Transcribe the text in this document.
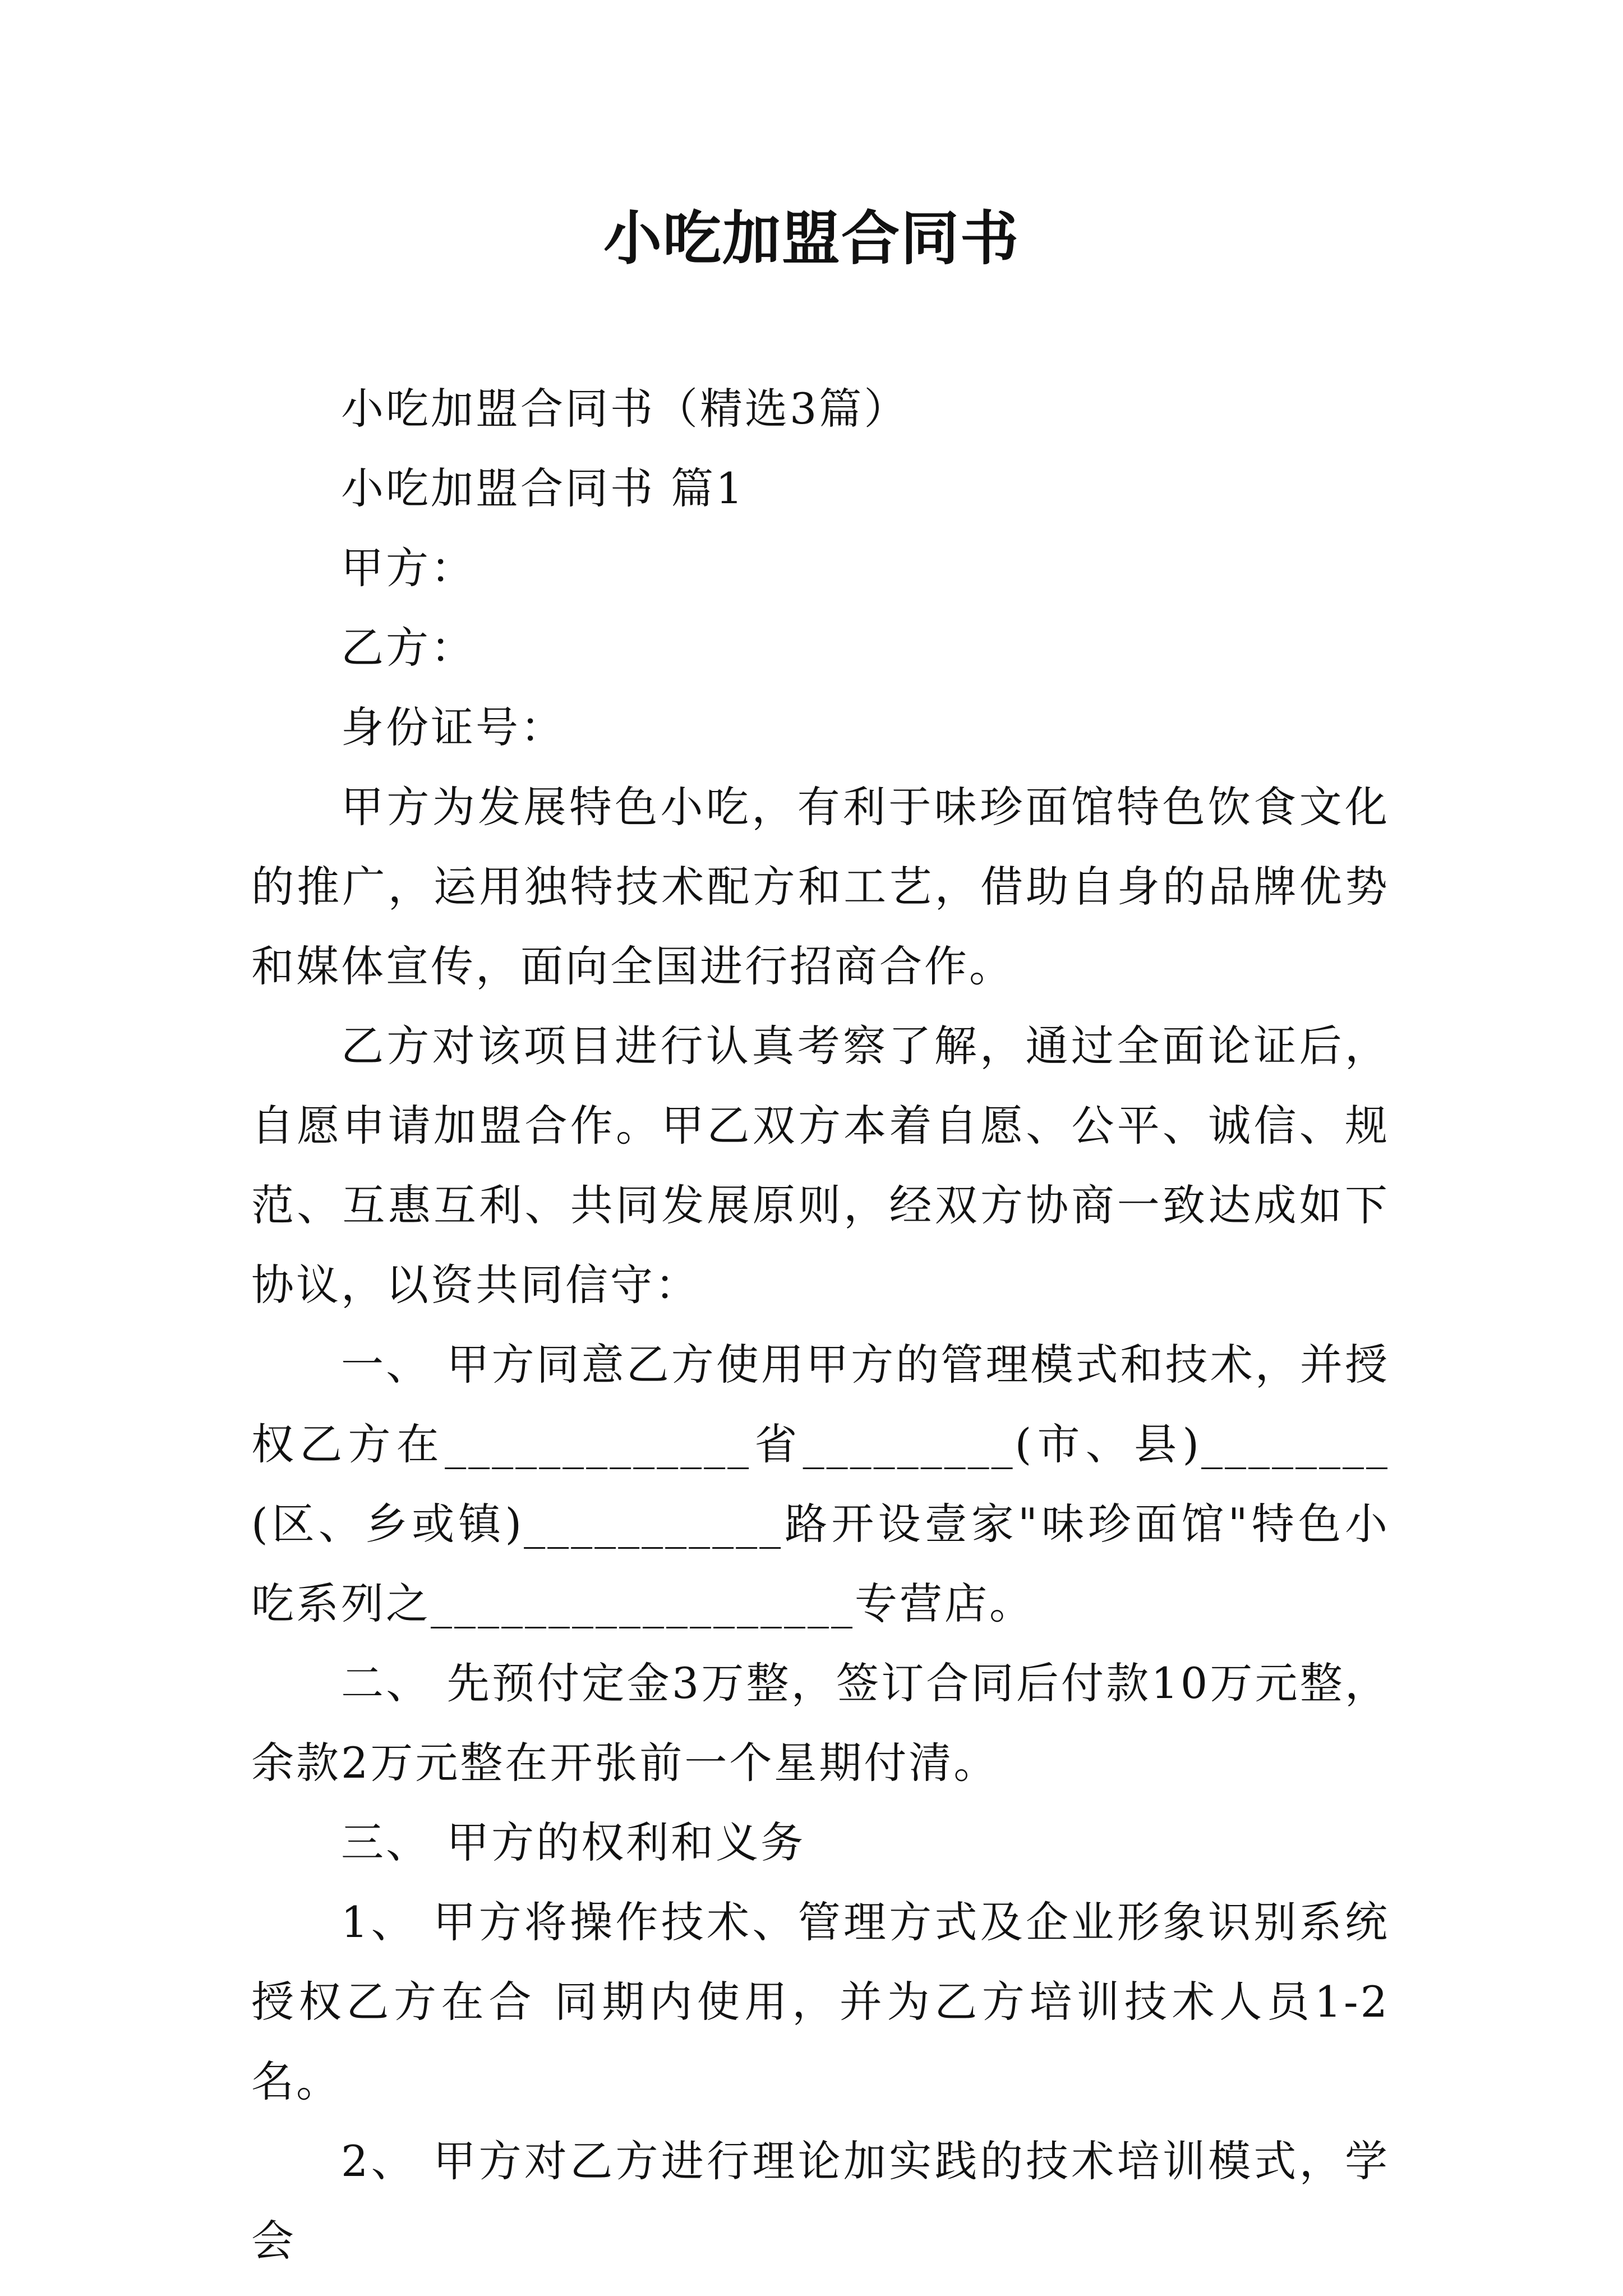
小吃加盟合同书

小吃加盟合同书（精选3篇）

小吃加盟合同书 篇1

甲方：

乙方：

身份证号：

甲方为发展特色小吃，有利于味珍面馆特色饮食文化的推广，运用独特技术配方和工艺，借助自身的品牌优势和媒体宣传，面向全国进行招商合作。

乙方对该项目进行认真考察了解，通过全面论证后，自愿申请加盟合作。甲乙双方本着自愿、公平、诚信、规范、互惠互利、共同发展原则，经双方协商一致达成如下协议，以资共同信守：

一、 甲方同意乙方使用甲方的管理模式和技术，并授权乙方在_____________省_________(市、县)________(区、乡或镇)___________路开设壹家"味珍面馆"特色小吃系列之__________________专营店。

二、 先预付定金3万整，签订合同后付款10万元整，余款2万元整在开张前一个星期付清。

三、 甲方的权利和义务

1、 甲方将操作技术、管理方式及企业形象识别系统授权乙方在合 同期内使用，并为乙方培训技术人员1-2名。

2、 甲方对乙方进行理论加实践的技术培训模式，学会
